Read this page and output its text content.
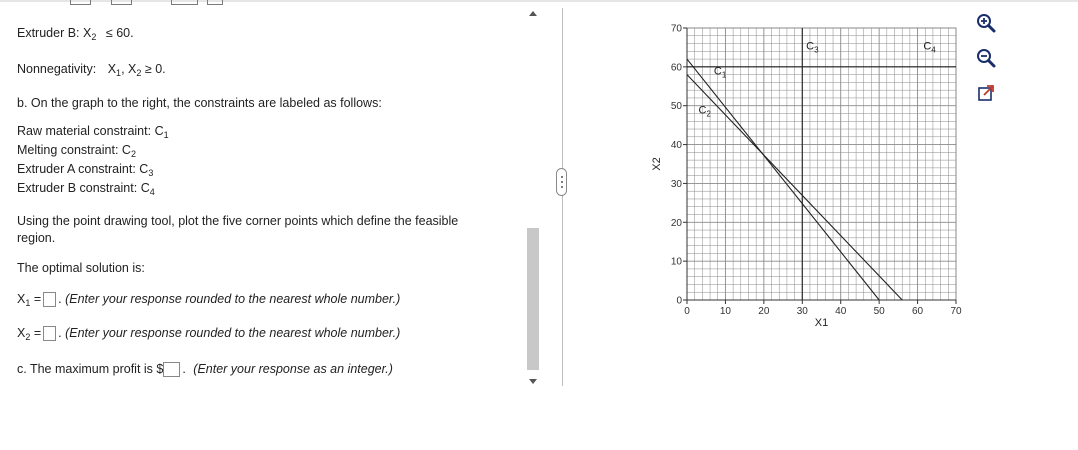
Extruder B: $X_2 \le 60$.
Nonnegativity: $X_1$, $X_2 \ge 0$.
b. On the graph to the right, the constraints are labeled as follows:
Raw material constraint: $C_1$
Melting constraint: $C_2$
Extruder A constraint: $C_3$
Extruder B constraint: $C_4$
Using the point drawing tool, plot the five corner points which define the feasible
region.
The optimal solution is:
$X_1$ = . (Enter your response rounded to the nearest whole number.)
$X_2$ = . (Enter your response rounded to the nearest whole number.)
c. The maximum profit is $ . (Enter your response as an integer.)
0	10	20	30	40	50	60	70
0
10
20
30
40
50
60
70
X1
X2
$C_1$
$C_2$
$C_3$	$C_4$
